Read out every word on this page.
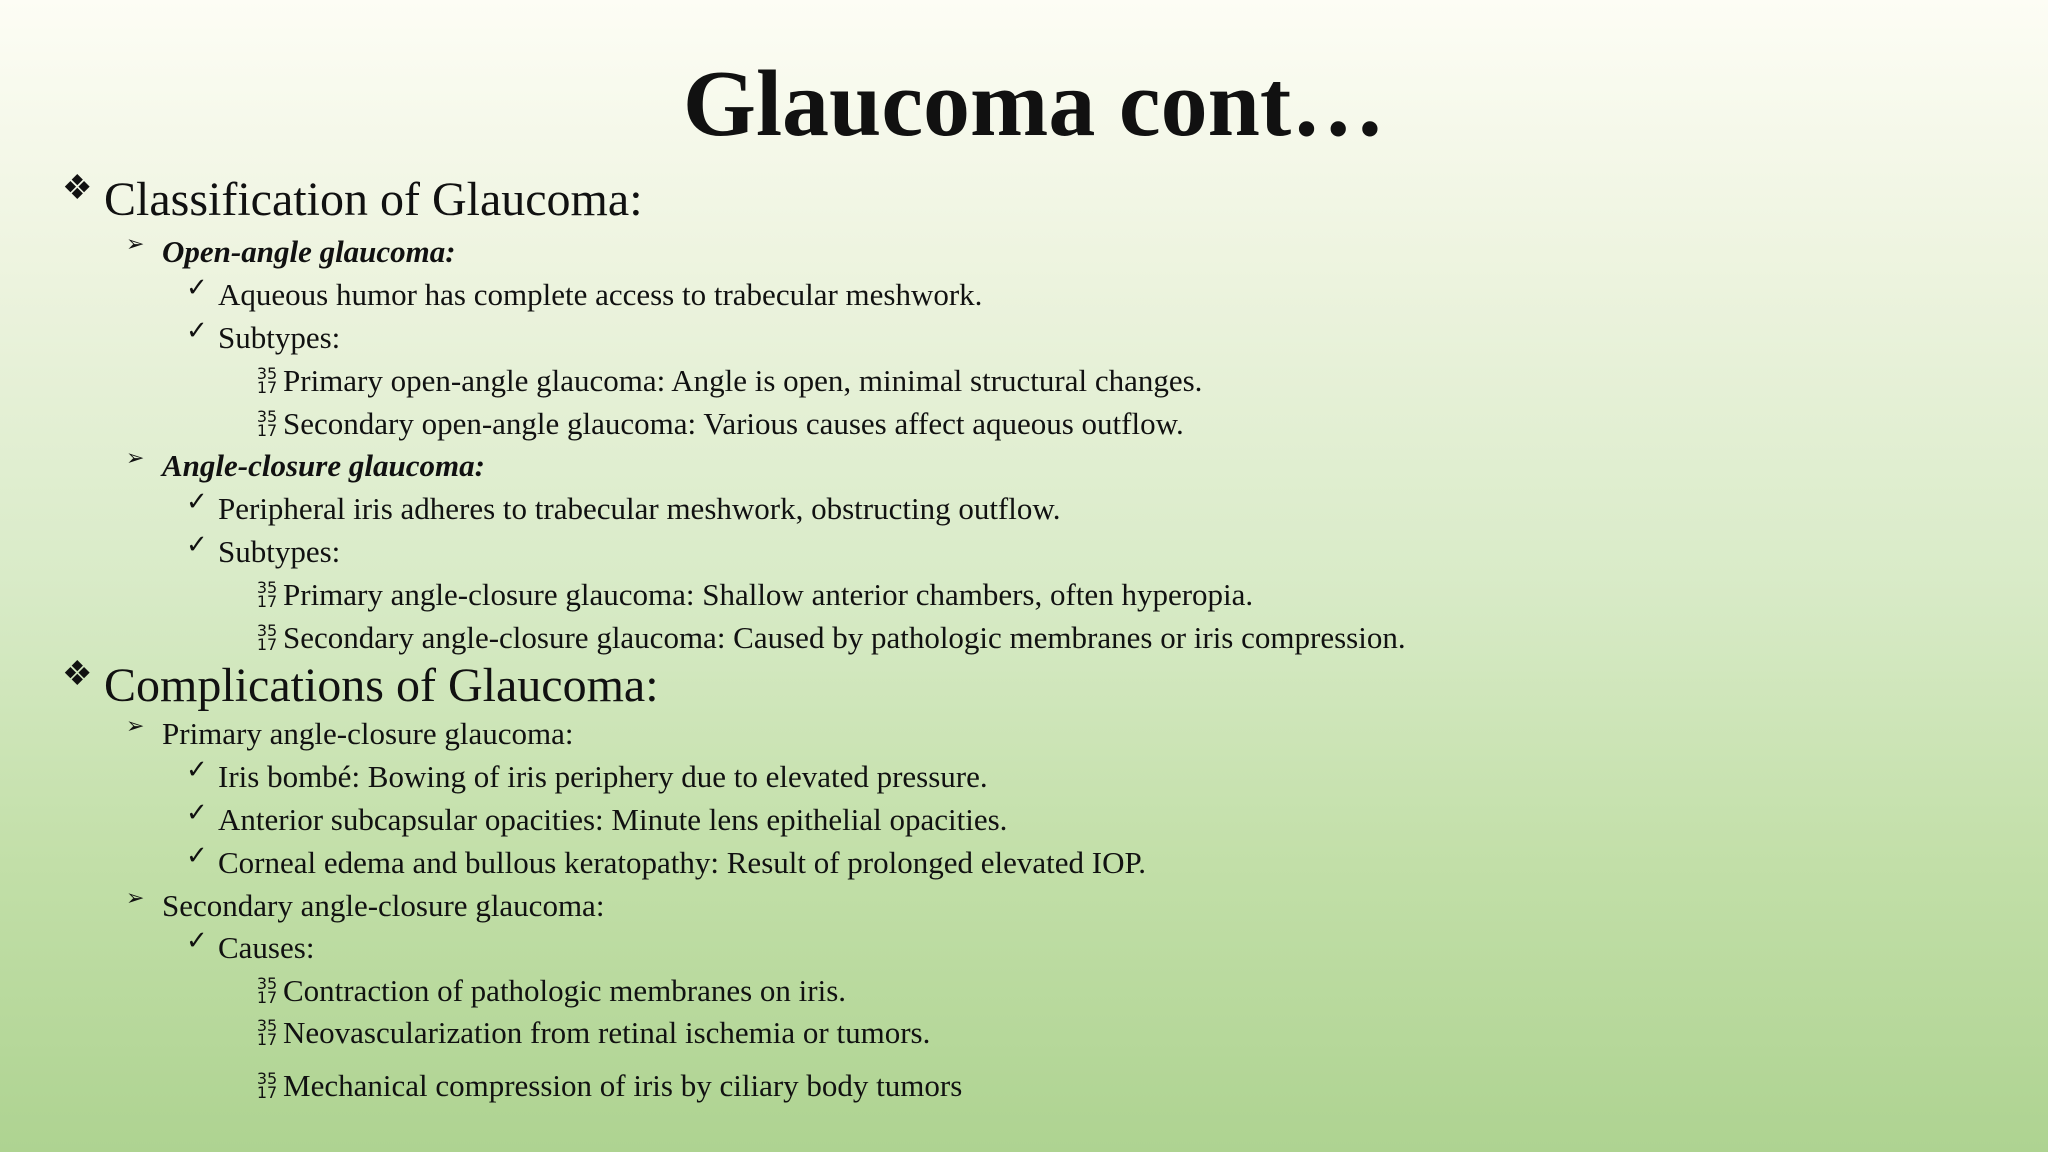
Glaucoma cont…
❖ Classification of Glaucoma:
➢ Open-angle glaucoma:
✓ Aqueous humor has complete access to trabecular meshwork.
✓ Subtypes:
35
17 Primary open-angle glaucoma: Angle is open, minimal structural changes.
35
17 Secondary open-angle glaucoma: Various causes affect aqueous outflow.
➢ Angle-closure glaucoma:
✓ Peripheral iris adheres to trabecular meshwork, obstructing outflow.
✓ Subtypes:
35
17 Primary angle-closure glaucoma: Shallow anterior chambers, often hyperopia.
35
17 Secondary angle-closure glaucoma: Caused by pathologic membranes or iris compression.
❖ Complications of Glaucoma:
➢ Primary angle-closure glaucoma:
✓ Iris bombé: Bowing of iris periphery due to elevated pressure.
✓ Anterior subcapsular opacities: Minute lens epithelial opacities.
✓ Corneal edema and bullous keratopathy: Result of prolonged elevated IOP.
➢ Secondary angle-closure glaucoma:
✓ Causes:
35
17 Contraction of pathologic membranes on iris.
35
17 Neovascularization from retinal ischemia or tumors.
35
17 Mechanical compression of iris by ciliary body tumors
